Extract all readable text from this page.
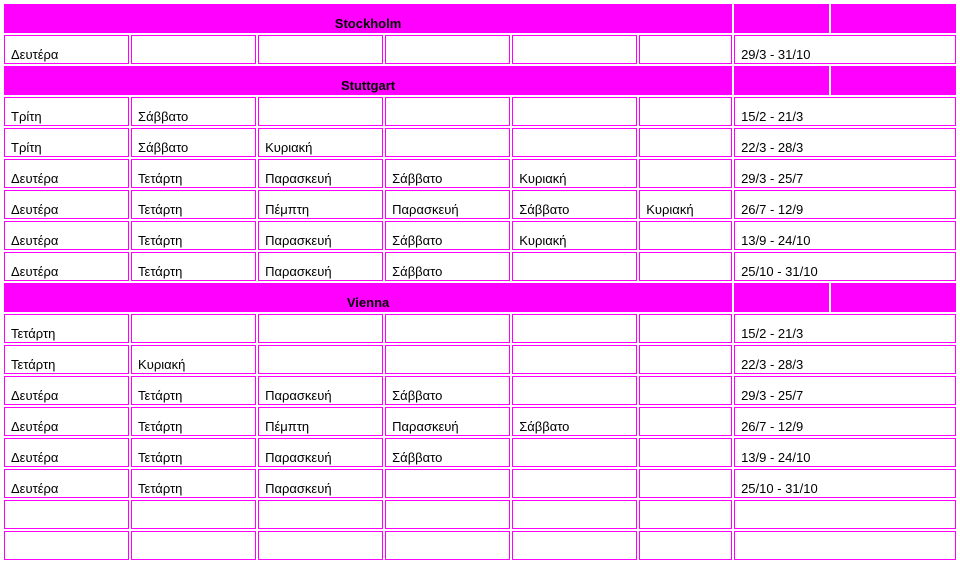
Stockholm							
Δευτέρα						29/3 - 31/10	
Stuttgart							
Τρίτη	Σάββατο					15/2 - 21/3	
Τρίτη	Σάββατο	Κυριακή				22/3 - 28/3	
Δευτέρα	Τετάρτη	Παρασκευή	Σάββατο	Κυριακή		29/3 - 25/7	
Δευτέρα	Τετάρτη	Πέμπτη	Παρασκευή	Σάββατο	Κυριακή	26/7 - 12/9	
Δευτέρα	Τετάρτη	Παρασκευή	Σάββατο	Κυριακή		13/9 - 24/10	
Δευτέρα	Τετάρτη	Παρασκευή	Σάββατο			25/10 - 31/10	
Vienna							
Τετάρτη						15/2 - 21/3	
Τετάρτη	Κυριακή					22/3 - 28/3	
Δευτέρα	Τετάρτη	Παρασκευή	Σάββατο			29/3 - 25/7	
Δευτέρα	Τετάρτη	Πέμπτη	Παρασκευή	Σάββατο		26/7 - 12/9	
Δευτέρα	Τετάρτη	Παρασκευή	Σάββατο			13/9 - 24/10	
Δευτέρα	Τετάρτη	Παρασκευή				25/10 - 31/10	
